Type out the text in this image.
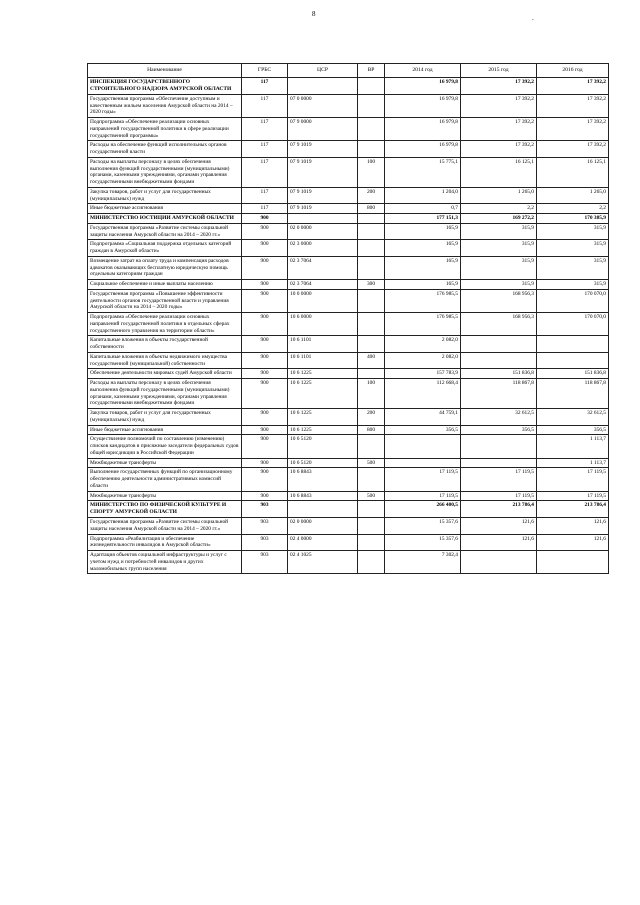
8	.
Наименование	ГРБС	ЦСР	ВР	2014 год	2015 год	2016 год
ИНСПЕКЦИЯ ГОСУДАРСТВЕННОГО СТРОИТЕЛЬНОГО НАДЗОРА АМУРСКОЙ ОБЛАСТИ	117			16 979,8	17 392,2	17 392,2
Государственная программа «Обеспечение доступным и качественным жильем населения Амурской области на 2014 – 2020 годы»	117	07 0 0000		16 979,8	17 392,2	17 392,2
Подпрограмма «Обеспечение реализации основных направлений государственной политики в сфере реализации государственной программы»	117	07 9 0000		16 979,8	17 392,2	17 392,2
Расходы на обеспечение функций исполнительных органов государственной власти	117	07 9 1019		16 979,8	17 392,2	17 392,2
Расходы на выплаты персоналу в целях обеспечения выполнения функций государственными (муниципальными) органами, казенными учреждениями, органами управления государственными внебюджетными фондами	117	07 9 1019	100	15 775,1	16 125,1	16 125,1
Закупка товаров, работ и услуг для государственных (муниципальных) нужд	117	07 9 1019	200	1 204,0	1 265,0	1 265,0
Иные бюджетные ассигнования	117	07 9 1019	800	0,7	2,2	2,2
МИНИСТЕРСТВО ЮСТИЦИИ АМУРСКОЙ ОБЛАСТИ	900			177 151,3	169 272,2	170 385,9
Государственная программа «Развитие системы социальной защиты населения Амурской области на 2014 – 2020 гг.»	900	02 0 0000		165,9	315,9	315,9
Подпрограмма «Социальная поддержка отдельных категорий граждан в Амурской области»	900	02 3 0000		165,9	315,9	315,9
Возмещение затрат на оплату труда и компенсация расходов адвокатов оказывающих бесплатную юридическую помощь отдельным категориям граждан	900	02 3 7064		165,9	315,9	315,9
Социальное обеспечение и иные выплаты населению	900	02 3 7064	300	165,9	315,9	315,9
Государственная программа «Повышение эффективности деятельности органов государственной власти и управления Амурской области на 2014 – 2020 годы»	900	10 0 0000		176 985,5	168 956,3	170 070,0
Подпрограмма «Обеспечение реализации основных направлений государственной политики в отдельных сферах государственного управления на территории области»	900	10 6 0000		176 985,5	168 956,3	170 070,0
Капитальные вложения в объекты государственной собственности	900	10 6 1101		2 082,0		
Капитальные вложения в объекты недвижимого имущества государственной (муниципальной) собственности	900	10 6 1101	400	2 082,0		
Обеспечение деятельности мировых судей Амурской области	900	10 6 1225		157 783,9	151 836,8	151 836,8
Расходы на выплаты персоналу в целях обеспечения выполнения функций государственными (муниципальными) органами, казенными учреждениями, органами управления государственными внебюджетными фондами	900	10 6 1225	100	112 668,4	118 867,8	118 867,8
Закупка товаров, работ и услуг для государственных (муниципальных) нужд	900	10 6 1225	200	44 759,1	32 612,5	32 612,5
Иные бюджетные ассигнования	900	10 6 1225	800	356,5	356,5	356,5
Осуществление полномочий по составлению (изменению) списков кандидатов в присяжные заседатели федеральных судов общей юрисдикции в Российской Федерации	900	10 6 5120				1 113,7
Межбюджетные трансферты	900	10 6 5120	500			1 113,7
Выполнение государственных функций по организационному обеспечению деятельности административных комиссий области	900	10 6 8843		17 119,5	17 119,5	17 119,5
Межбюджетные трансферты	900	10 6 8843	500	17 119,5	17 119,5	17 119,5
МИНИСТЕРСТВО ПО ФИЗИЧЕСКОЙ КУЛЬТУРЕ И СПОРТУ АМУРСКОЙ ОБЛАСТИ	903			266 400,5	213 786,4	213 786,4
Государственная программа «Развитие системы социальной защиты населения Амурской области на 2014 – 2020 гг.»	903	02 0 0000		15 357,6	121,6	121,6
Подпрограмма «Реабилитация и обеспечение жизнедеятельности инвалидов в Амурской области»	903	02 4 0000		15 357,6	121,6	121,6
Адаптация объектов социальной инфраструктуры и услуг с учетом нужд и потребностей инвалидов и других маломобильных групп населения	903	02 4 1025		7 302,4		
